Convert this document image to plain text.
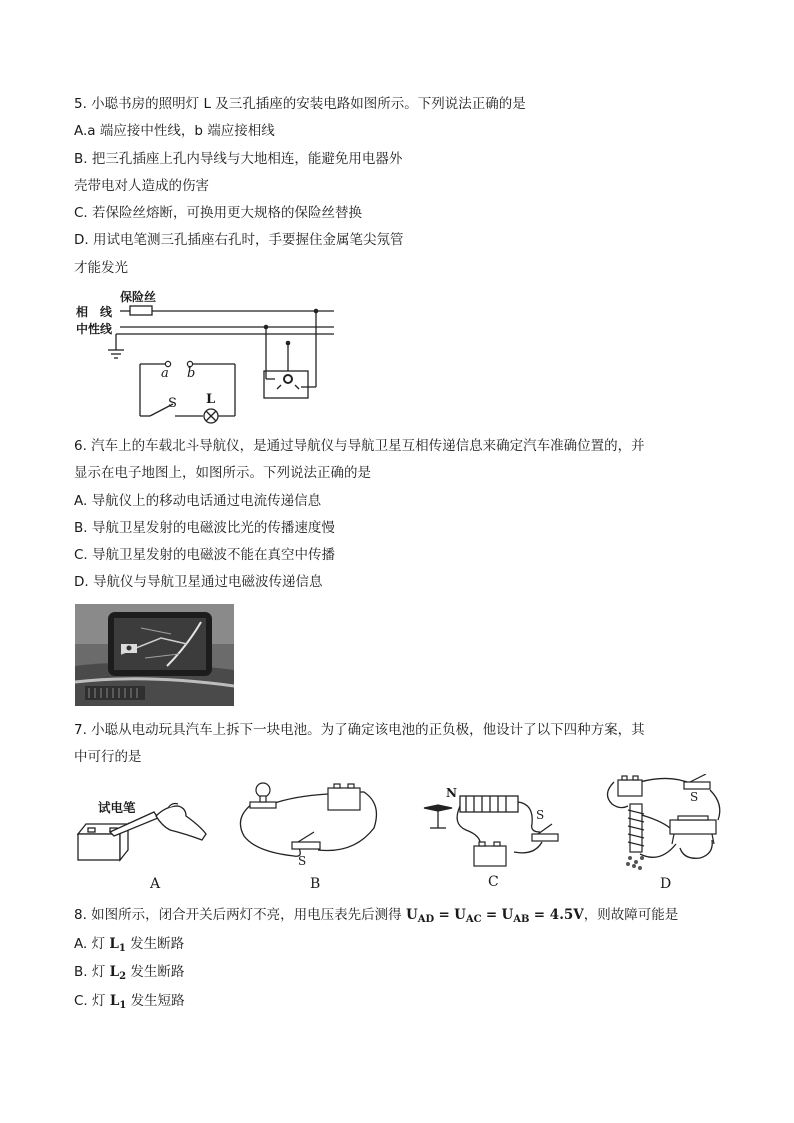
5. 小聪书房的照明灯 L 及三孔插座的安装电路如图所示。下列说法正确的是
A.a 端应接中性线，b 端应接相线
B. 把三孔插座上孔内导线与大地相连，能避免用电器外
壳带电对人造成的伤害
C. 若保险丝熔断，可换用更大规格的保险丝替换
D. 用试电笔测三孔插座右孔时，手要握住金属笔尖氖管
才能发光
保险丝
相　线
中性线
a b
S L
6. 汽车上的车载北斗导航仪，是通过导航仪与导航卫星互相传递信息来确定汽车准确位置的，并
显示在电子地图上，如图所示。下列说法正确的是
A. 导航仪上的移动电话通过电流传递信息
B. 导航卫星发射的电磁波比光的传播速度慢
C. 导航卫星发射的电磁波不能在真空中传播
D. 导航仪与导航卫星通过电磁波传递信息
7. 小聪从电动玩具汽车上拆下一块电池。为了确定该电池的正负极，他设计了以下四种方案，其
中可行的是
试电笔
A
S
B
N
S
C
S
D
8. 如图所示，闭合开关后两灯不亮，用电压表先后测得 $U_{AD} = U_{AC} = U_{AB} = 4.5V$，则故障可能是
A. 灯 $L_1$ 发生断路
B. 灯 $L_2$ 发生断路
C. 灯 $L_1$ 发生短路
